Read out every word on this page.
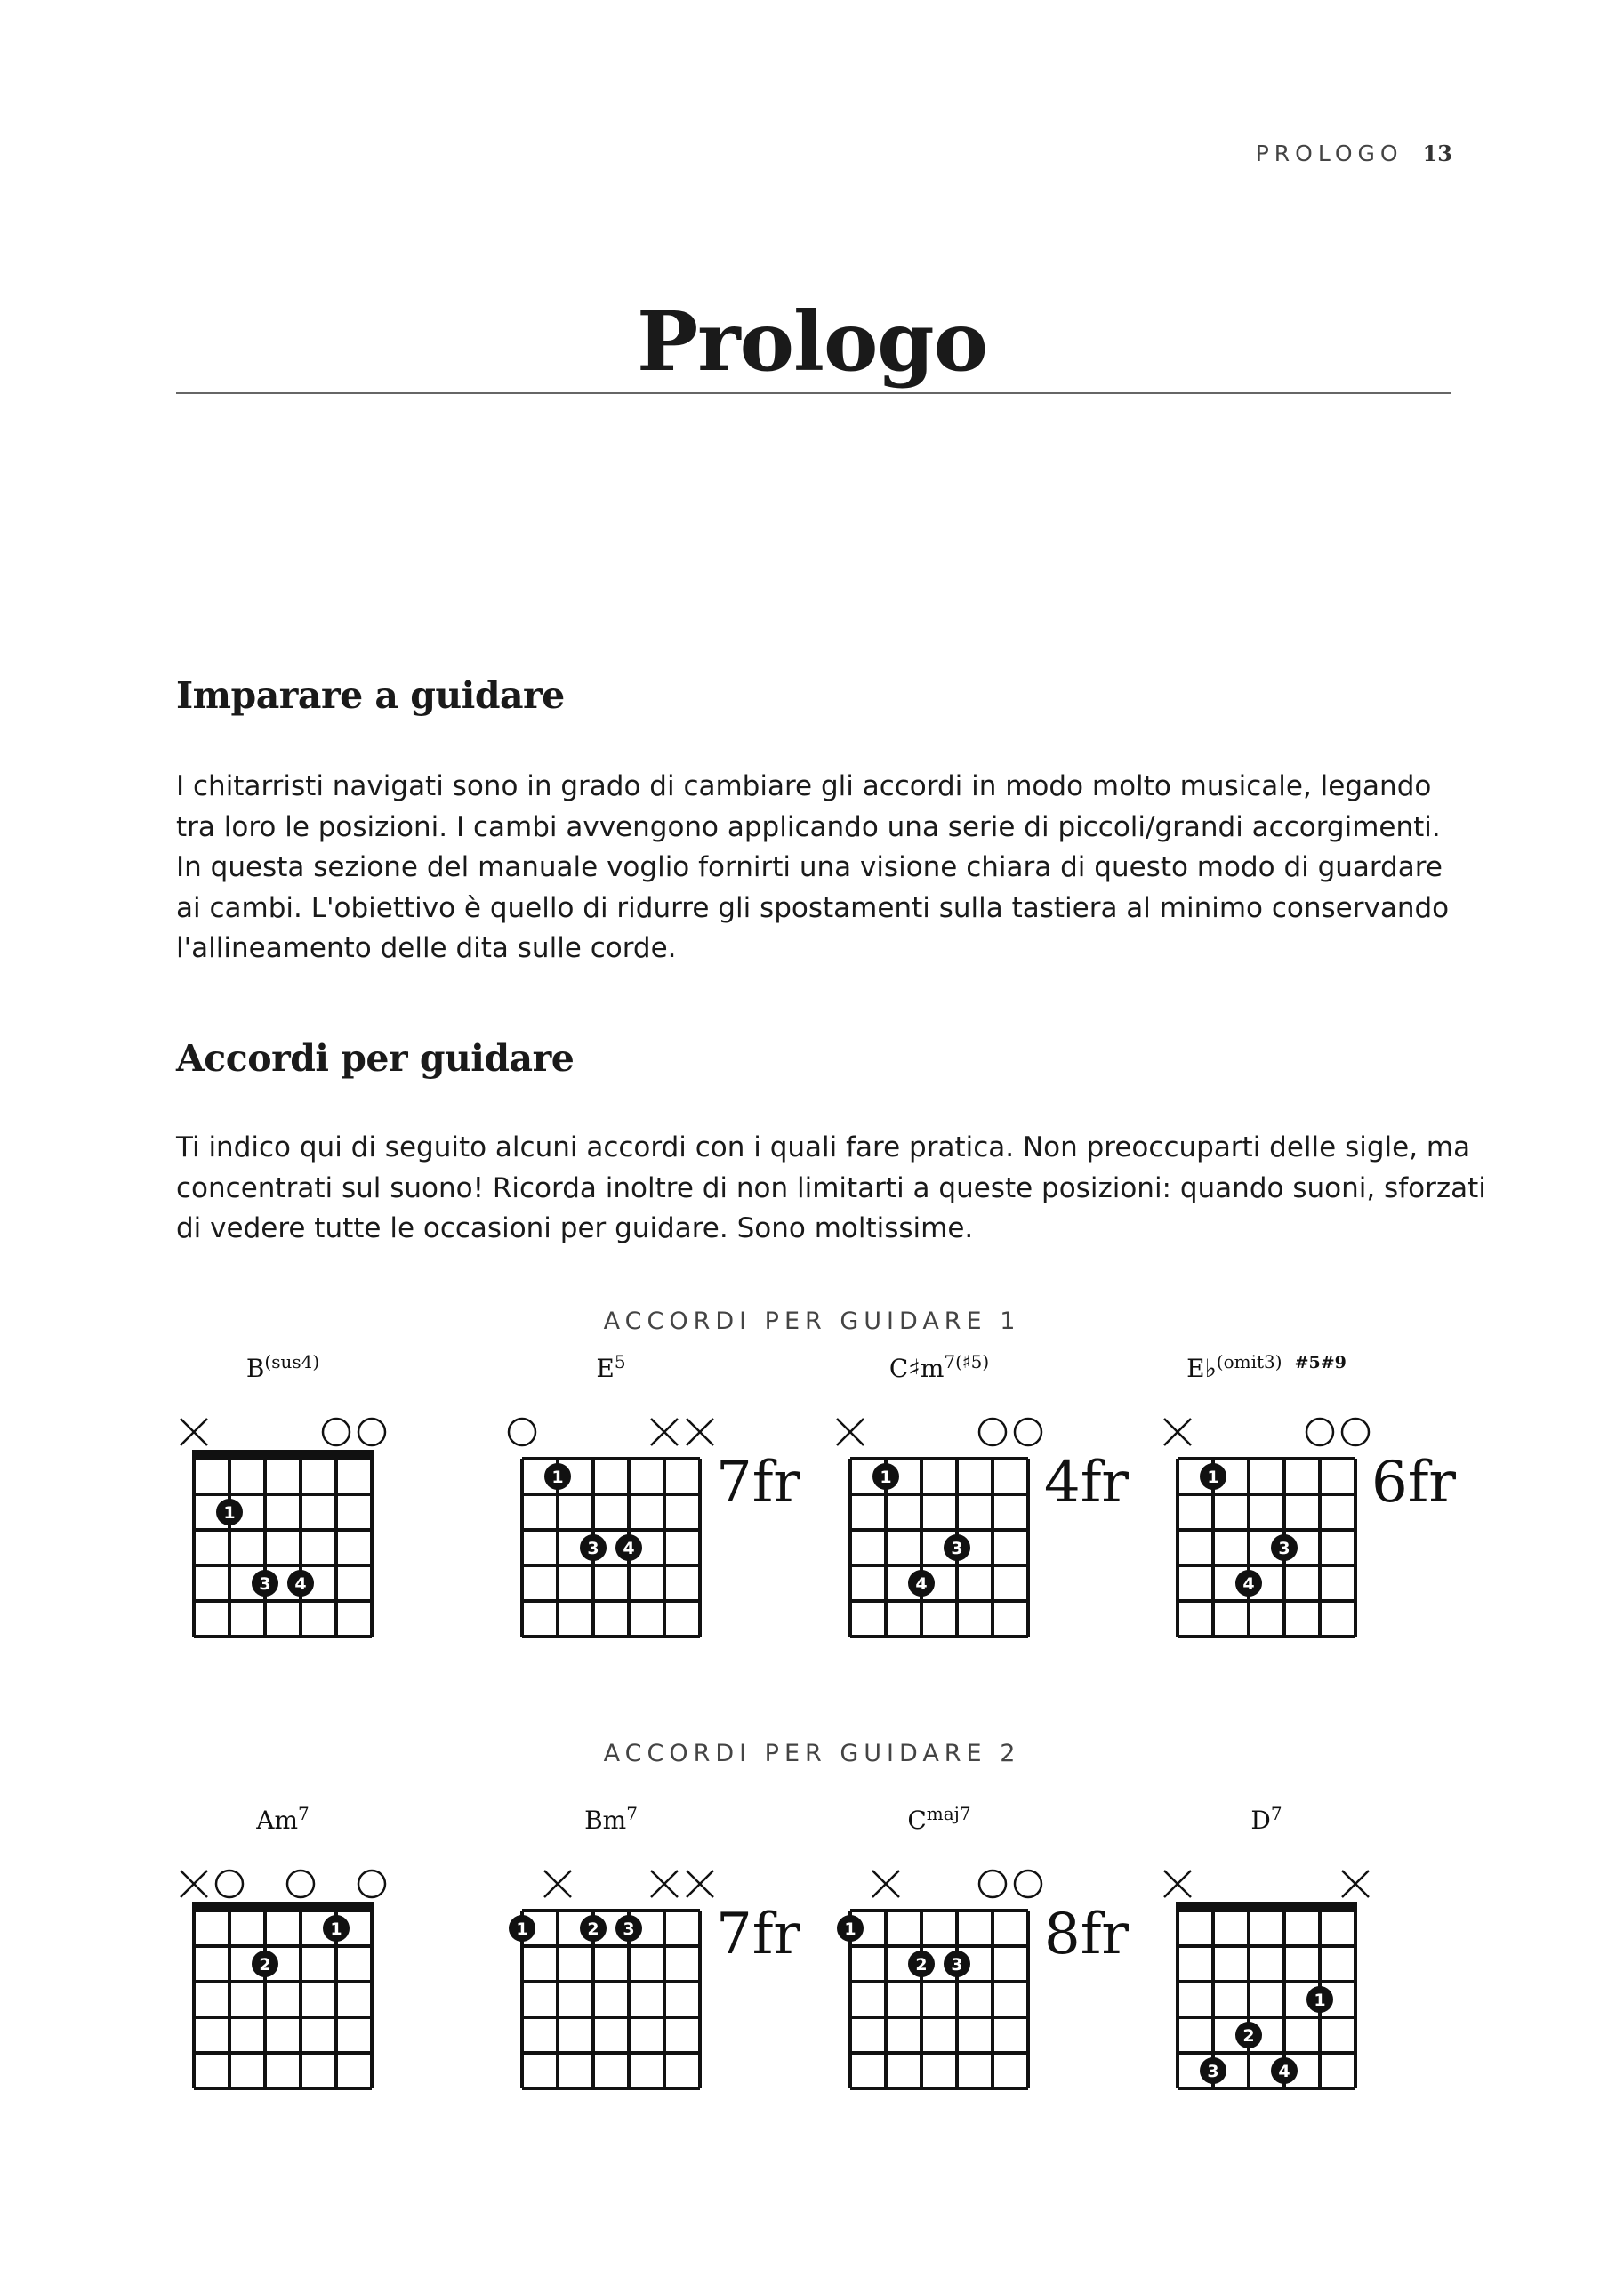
PROLOGO 13
Prologo
Imparare a guidare
I chitarristi navigati sono in grado di cambiare gli accordi in modo molto musicale, legando
tra loro le posizioni. I cambi avvengono applicando una serie di piccoli/grandi accorgimenti.
In questa sezione del manuale voglio fornirti una visione chiara di questo modo di guardare
ai cambi. L'obiettivo è quello di ridurre gli spostamenti sulla tastiera al minimo conservando
l'allineamento delle dita sulle corde.
Accordi per guidare
Ti indico qui di seguito alcuni accordi con i quali fare pratica. Non preoccuparti delle sigle, ma
concentrati sul suono! Ricorda inoltre di non limitarti a queste posizioni: quando suoni, sforzati
di vedere tutte le occasioni per guidare. Sono moltissime.
ACCORDI PER GUIDARE 1
ACCORDI PER GUIDARE 2
$B^{(sus4)}$
1
3 4
$E^5$
1
3 4
7fr
$C♯m^{7(♯5)}$
1
3
4
4fr
E♭$^{(omit3)}$ #5#9
1
3
4
6fr
Am$^7$
1
2
Bm$^7$
1	2 3 7fr
$C^{maj7}$
1
2 3 8fr
$D^7$
1
2
3	4
